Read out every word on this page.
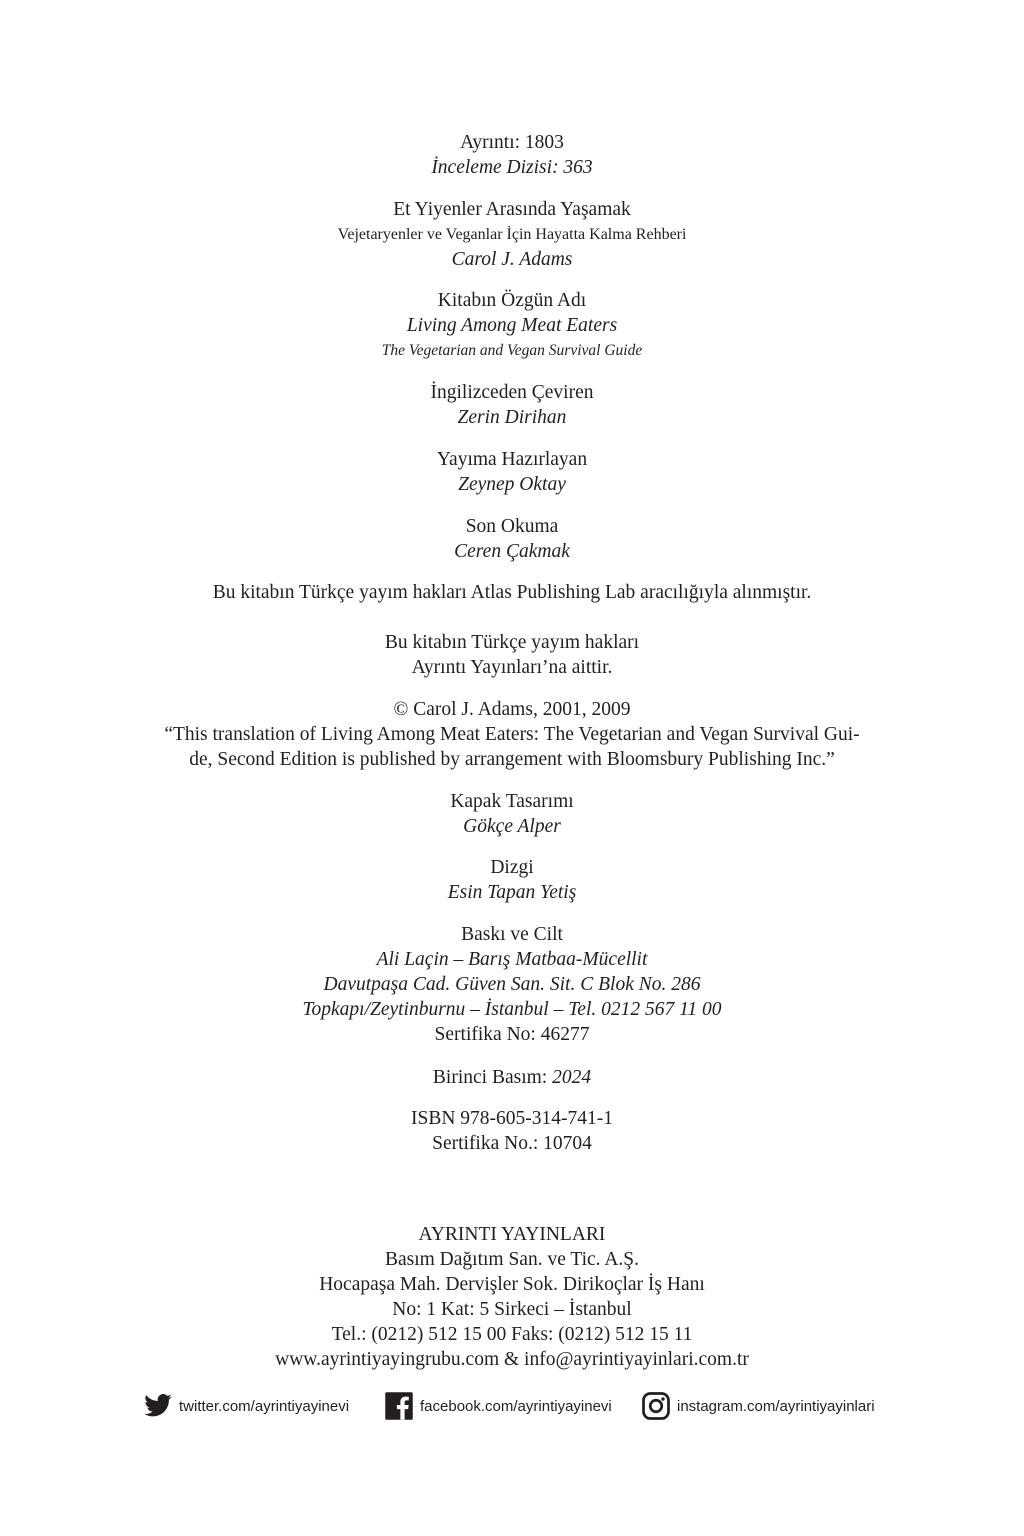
Ayrıntı: 1803
İnceleme Dizisi: 363
Et Yiyenler Arasında Yaşamak
Vejetaryenler ve Veganlar İçin Hayatta Kalma Rehberi
Carol J. Adams
Kitabın Özgün Adı
Living Among Meat Eaters
The Vegetarian and Vegan Survival Guide
İngilizceden Çeviren
Zerin Dirihan
Yayıma Hazırlayan
Zeynep Oktay
Son Okuma
Ceren Çakmak
Bu kitabın Türkçe yayım hakları Atlas Publishing Lab aracılığıyla alınmıştır.
Bu kitabın Türkçe yayım hakları
Ayrıntı Yayınları’na aittir.
© Carol J. Adams, 2001, 2009
“This translation of Living Among Meat Eaters: The Vegetarian and Vegan Survival Gui-
de, Second Edition is published by arrangement with Bloomsbury Publishing Inc.”
Kapak Tasarımı
Gökçe Alper
Dizgi
Esin Tapan Yetiş
Baskı ve Cilt
Ali Laçin – Barış Matbaa-Mücellit
Davutpaşa Cad. Güven San. Sit. C Blok No. 286
Topkapı/Zeytinburnu – İstanbul – Tel. 0212 567 11 00
Sertifika No: 46277
Birinci Basım: 2024
ISBN 978-605-314-741-1
Sertifika No.: 10704
AYRINTI YAYINLARI
Basım Dağıtım San. ve Tic. A.Ş.
Hocapaşa Mah. Dervişler Sok. Dirikoçlar İş Hanı
No: 1 Kat: 5 Sirkeci – İstanbul
Tel.: (0212) 512 15 00 Faks: (0212) 512 15 11
www.ayrintiyayingrubu.com & info@ayrintiyayinlari.com.tr
twitter.com/ayrintiyayinevi	facebook.com/ayrintiyayinevi	instagram.com/ayrintiyayinlari
